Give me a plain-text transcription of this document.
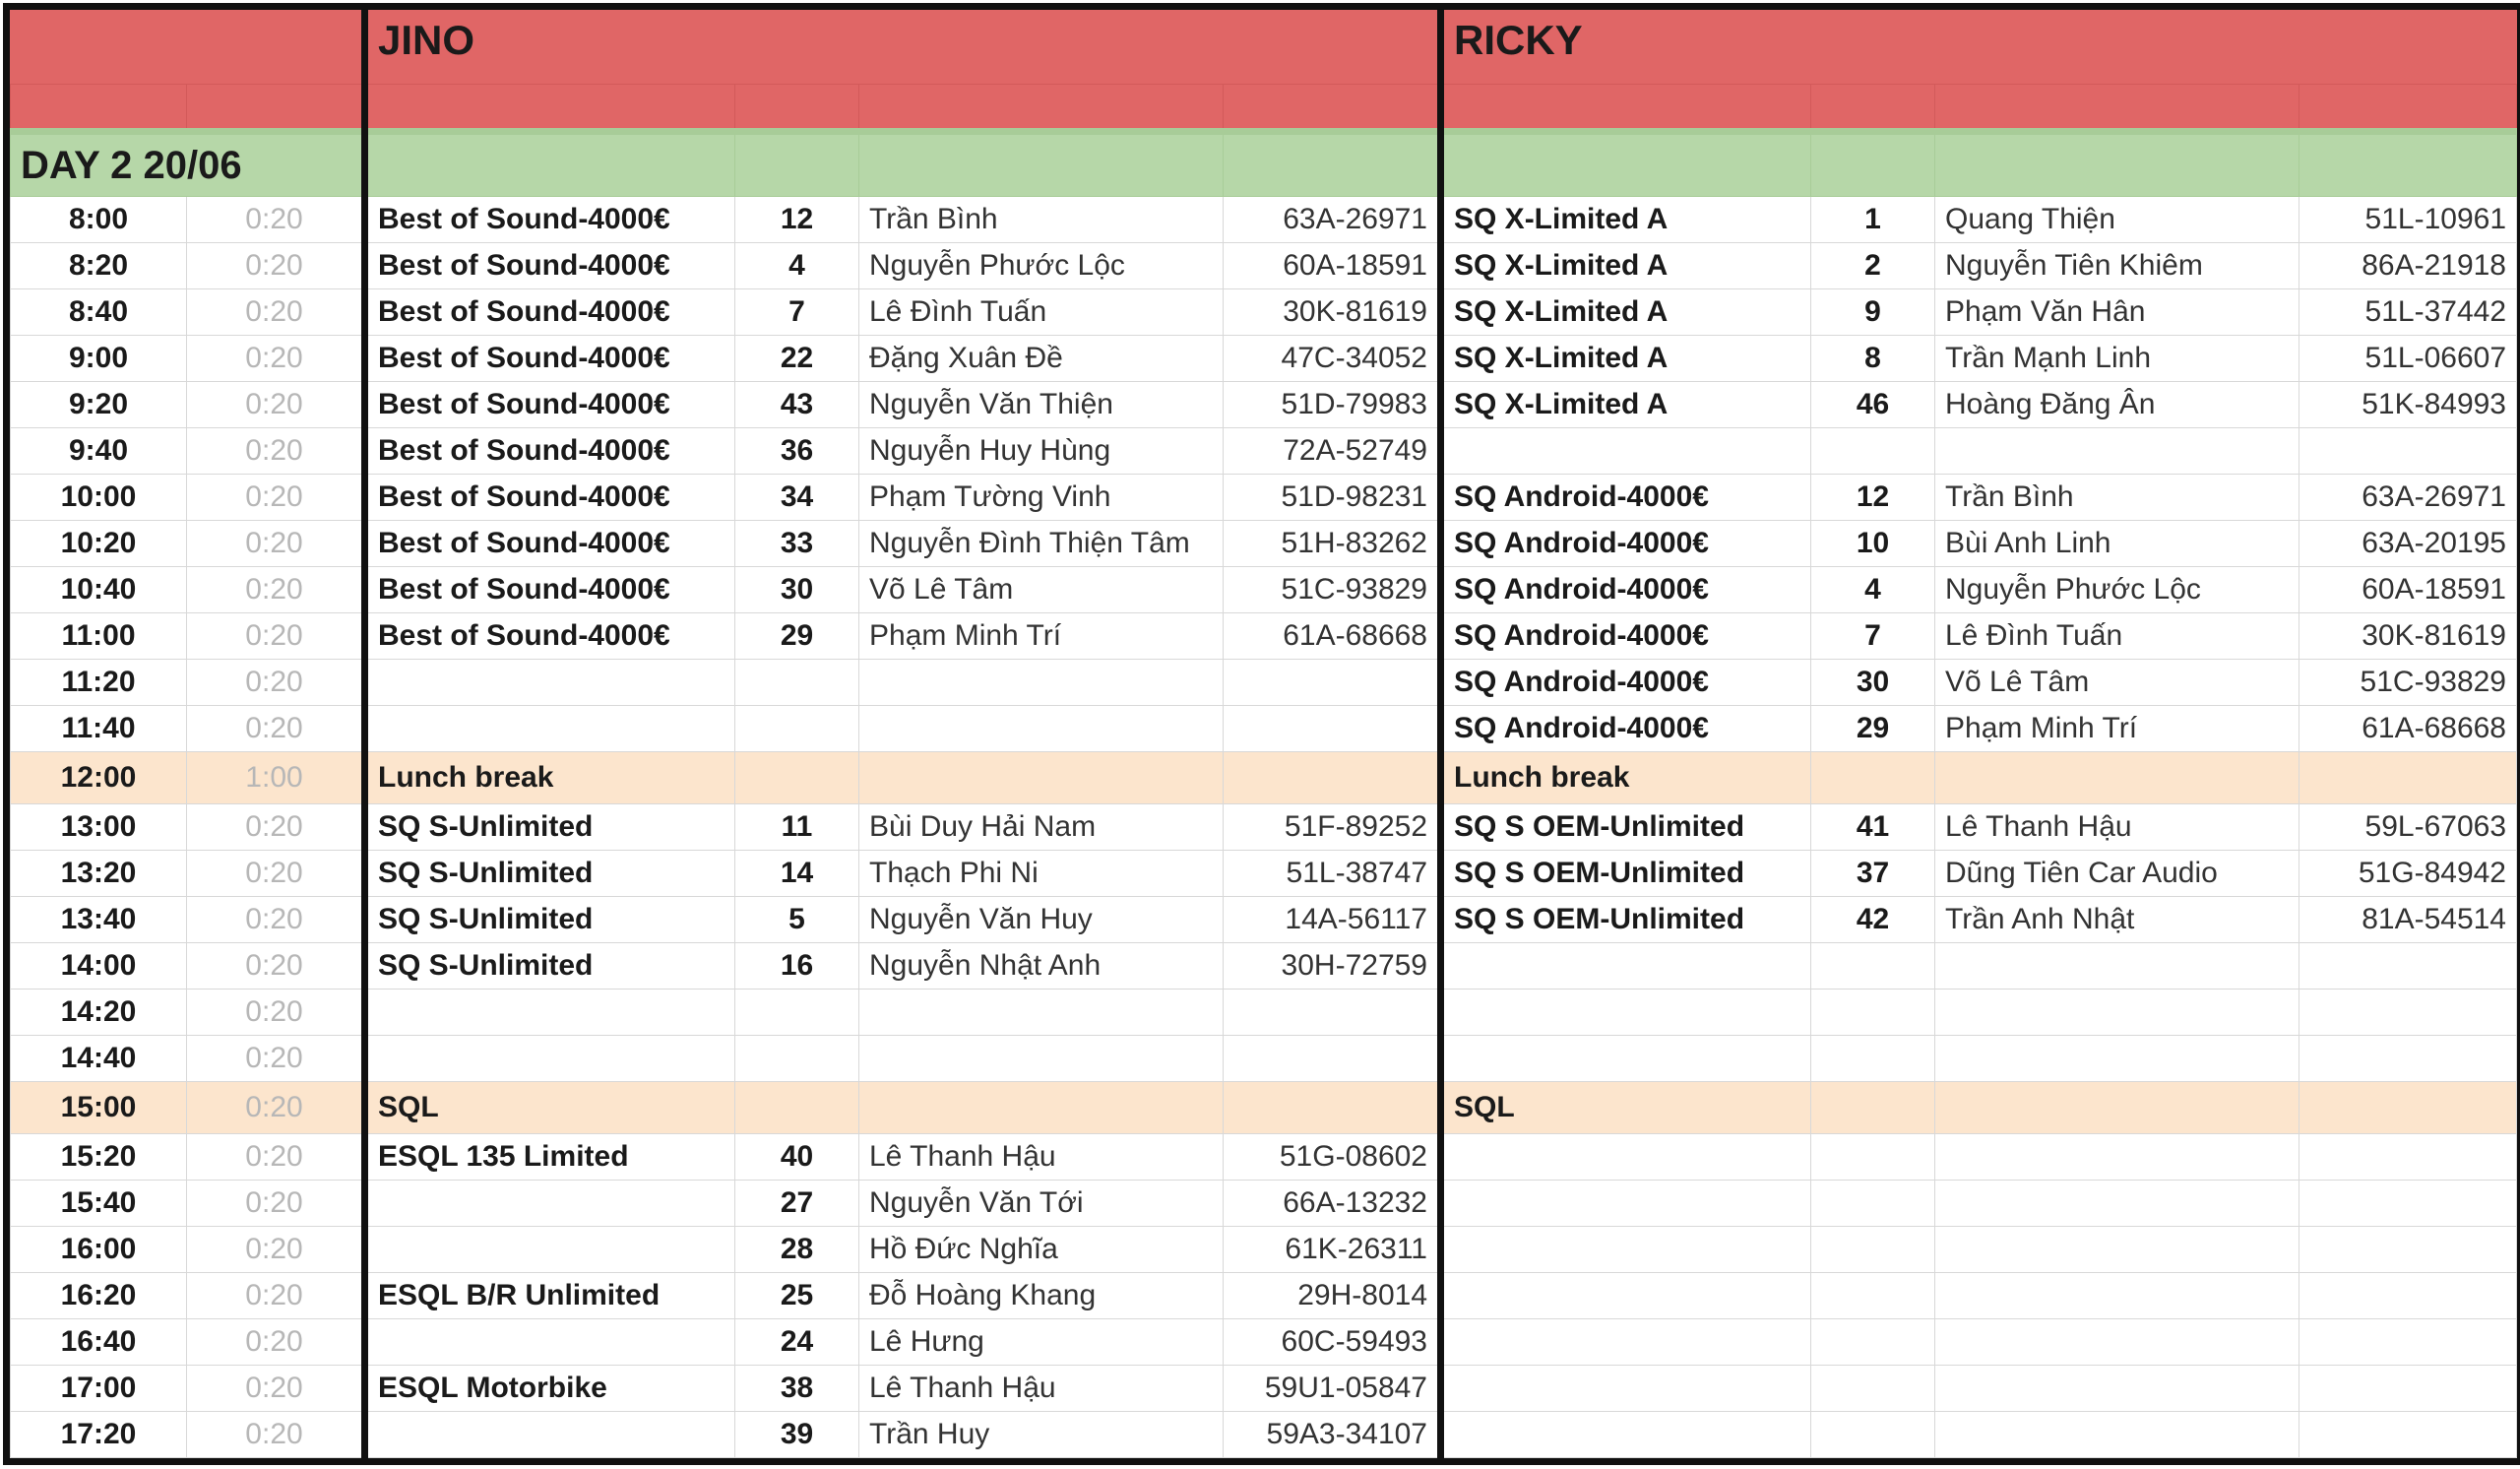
		JINO				RICKY			

DAY 2 20/06									
8:00	0:20	Best of Sound-4000€	12	Trần Bình	63A-26971	SQ X-Limited A	1	Quang Thiện	51L-10961
8:20	0:20	Best of Sound-4000€	4	Nguyễn Phước Lộc	60A-18591	SQ X-Limited A	2	Nguyễn Tiên Khiêm	86A-21918
8:40	0:20	Best of Sound-4000€	7	Lê Đình Tuấn	30K-81619	SQ X-Limited A	9	Phạm Văn Hân	51L-37442
9:00	0:20	Best of Sound-4000€	22	Đặng Xuân Đề	47C-34052	SQ X-Limited A	8	Trần Mạnh Linh	51L-06607
9:20	0:20	Best of Sound-4000€	43	Nguyễn Văn Thiện	51D-79983	SQ X-Limited A	46	Hoàng Đăng Ân	51K-84993
9:40	0:20	Best of Sound-4000€	36	Nguyễn Huy Hùng	72A-52749				
10:00	0:20	Best of Sound-4000€	34	Phạm Tường Vinh	51D-98231	SQ Android-4000€	12	Trần Bình	63A-26971
10:20	0:20	Best of Sound-4000€	33	Nguyễn Đình Thiện Tâm	51H-83262	SQ Android-4000€	10	Bùi Anh Linh	63A-20195
10:40	0:20	Best of Sound-4000€	30	Võ Lê Tâm	51C-93829	SQ Android-4000€	4	Nguyễn Phước Lộc	60A-18591
11:00	0:20	Best of Sound-4000€	29	Phạm Minh Trí	61A-68668	SQ Android-4000€	7	Lê Đình Tuấn	30K-81619
11:20	0:20					SQ Android-4000€	30	Võ Lê Tâm	51C-93829
11:40	0:20					SQ Android-4000€	29	Phạm Minh Trí	61A-68668
12:00	1:00	Lunch break				Lunch break			
13:00	0:20	SQ S-Unlimited	11	Bùi Duy Hải Nam	51F-89252	SQ S OEM-Unlimited	41	Lê Thanh Hậu	59L-67063
13:20	0:20	SQ S-Unlimited	14	Thạch Phi Ni	51L-38747	SQ S OEM-Unlimited	37	Dũng Tiên Car Audio	51G-84942
13:40	0:20	SQ S-Unlimited	5	Nguyễn Văn Huy	14A-56117	SQ S OEM-Unlimited	42	Trần Anh Nhật	81A-54514
14:00	0:20	SQ S-Unlimited	16	Nguyễn Nhật Anh	30H-72759				
14:20	0:20								
14:40	0:20								
15:00	0:20	SQL				SQL			
15:20	0:20	ESQL 135 Limited	40	Lê Thanh Hậu	51G-08602				
15:40	0:20		27	Nguyễn Văn Tới	66A-13232				
16:00	0:20		28	Hồ Đức Nghĩa	61K-26311				
16:20	0:20	ESQL B/R Unlimited	25	Đỗ Hoàng Khang	29H-8014				
16:40	0:20		24	Lê Hưng	60C-59493				
17:00	0:20	ESQL Motorbike	38	Lê Thanh Hậu	59U1-05847				
17:20	0:20		39	Trần Huy	59A3-34107				
